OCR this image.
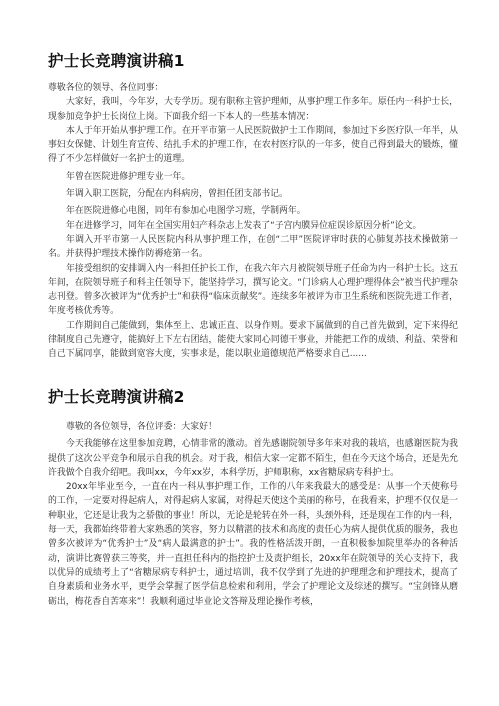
护士长竞聘演讲稿1

尊敬各位的领导、各位同事：

大家好，我叫，今年岁，大专学历。现有职称主管护理师，从事护理工作多年。原任内一科护士长，现参加竞争护士长岗位上岗。下面我介绍一下本人的一些基本情况：

本人于年开始从事护理工作。在开平市第一人民医院做护士工作期间，参加过下乡医疗队一年半，从事妇女保健、计划生育宣传、结扎手术的护理工作，在农村医疗队的一年多，使自己得到最大的锻炼，懂得了不少怎样做好一名护士的道理。

年曾在医院进修护理专业一年。

年调入职工医院，分配在内科病房，曾担任团支部书记。

年在医院进修心电图，同年有参加心电图学习班，学制两年。

年在进修学习，同年在全国实用妇产科杂志上发表了“子宫内膜异位症误诊原因分析”论文。

年调入开平市第一人民医院内科从事护理工作，在创“二甲”医院评审时获的心肺复苏技术操做第一名。并获得护理技术操作防褥疮第一名。

年接受组织的安排调入内一科担任护长工作，在我六年六月被院领导班子任命为内一科护士长。这五年间，在院领导班子和科主任领导下，能坚持学习，撰写论文。“门诊病人心理护理得体会”被当代护理杂志刊登。曾多次被评为“优秀护士”和获得“临床贡献奖”。连续多年被评为市卫生系统和医院先进工作者，年度考核优秀等。

工作期间自己能做到，集体至上、忠诚正直、以身作则。要求下属做到的自己首先做到，定下来得纪律制度自己先遵守，能搞好上下左右团结，能使大家同心同德干事业，并能把工作的成绩、利益、荣誉和自己下属同享，能做到宽容大度，实事求是，能以职业道德规范严格要求自己......

护士长竞聘演讲稿2

尊敬的各位领导，各位评委：大家好！

今天我能够在这里参加竞聘，心情非常的激动。首先感谢院领导多年来对我的栽培，也感谢医院为我提供了这次公平竞争和展示自我的机会。对于我，相信大家一定都不陌生，但在今天这个场合，还是先允许我做个自我介绍吧。我叫xx，今年xx岁，本科学历，护师职称，xx省糖尿病专科护士。

20xx年毕业至今，一直在内一科从事护理工作，工作的八年来我最大的感受是：从事一个天使称号的工作，一定要对得起病人，对得起病人家属，对得起天使这个美丽的称号，在我看来，护理不仅仅是一种职业，它还是让我为之骄傲的事业！所以，无论是轮转在外一科，头颈外科，还是现在工作的内一科，每一天，我都始终带着大家熟悉的笑容，努力以精湛的技术和高度的责任心为病人提供优质的服务，我也曾多次被评为“优秀护士”及“病人最满意的护士”。我的性格活泼开朗，一直积极参加院里举办的各种活动，演讲比赛曾获三等奖，并一直担任科内的指控护士及责护组长，20xx年在院领导的关心支持下，我以优异的成绩考上了“省糖尿病专科护士，通过培训，我不仅学到了先进的护理理念和护理技术，提高了自身素质和业务水平，更学会掌握了医学信息检索和利用，学会了护理论文及综述的撰写。“宝剑锋从磨砺出，梅花香自苦寒来”！我顺利通过毕业论文答辩及理论操作考核，
